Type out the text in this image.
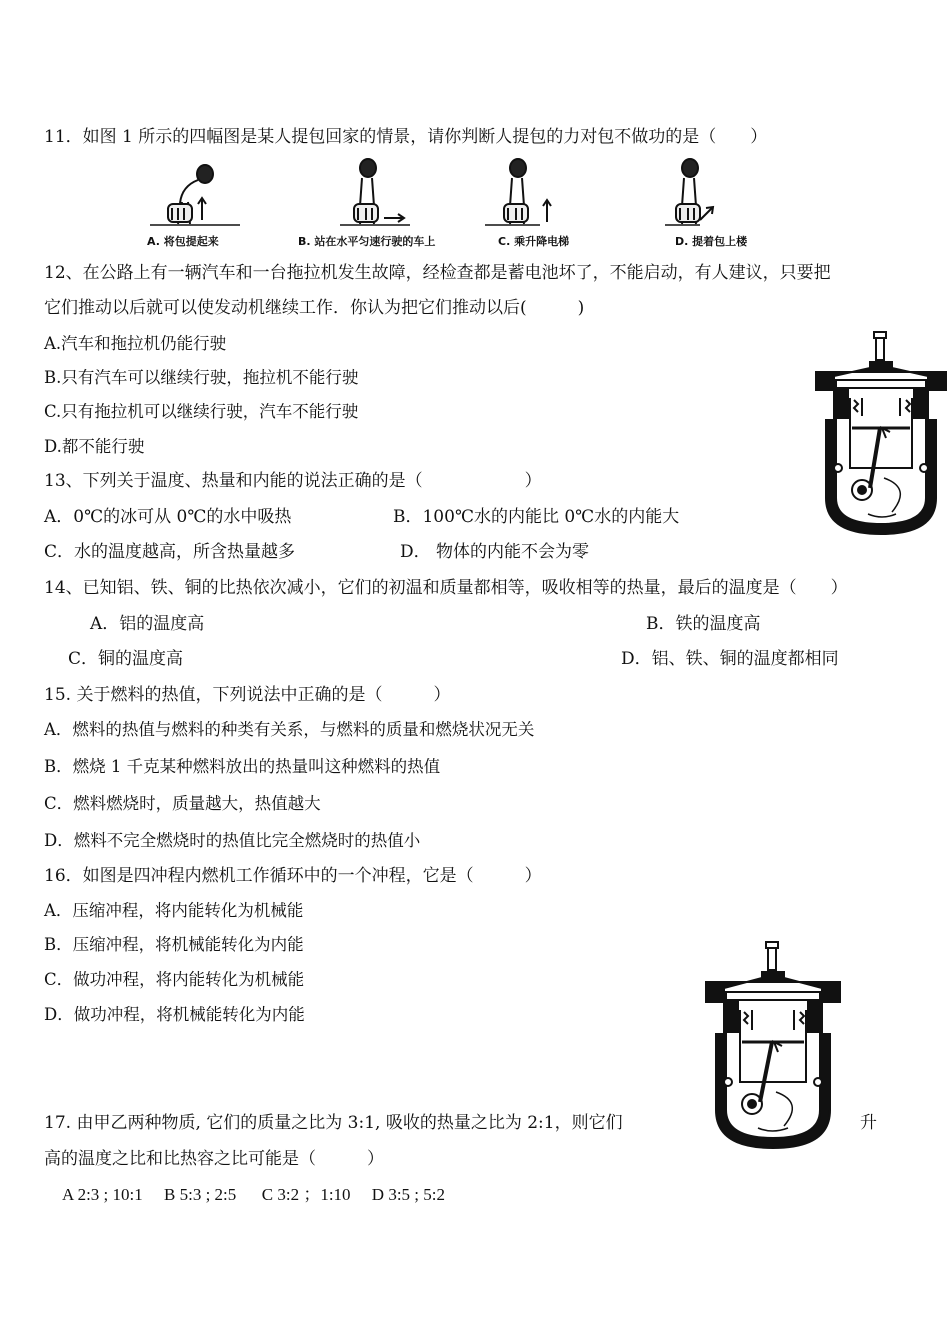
11．如图 1 所示的四幅图是某人提包回家的情景，请你判断人提包的力对包不做功的是（　　）
A. 将包提起来	B. 站在水平匀速行驶的车上	C. 乘升降电梯	D. 提着包上楼
12、在公路上有一辆汽车和一台拖拉机发生故障，经检查都是蓄电池坏了，不能启动，有人建议，只要把
它们推动以后就可以使发动机继续工作．你认为把它们推动以后(　　　)
A.汽车和拖拉机仍能行驶
B.只有汽车可以继续行驶，拖拉机不能行驶
C.只有拖拉机可以继续行驶，汽车不能行驶
D.都不能行驶
13、下列关于温度、热量和内能的说法正确的是（　　　　　　）
A．0℃的冰可从 0℃的水中吸热	B．100℃水的内能比 0℃水的内能大
C．水的温度越高，所含热量越多	D． 物体的内能不会为零
14、已知铝、铁、铜的比热依次减小，它们的初温和质量都相等，吸收相等的热量，最后的温度是（　　）
A．铝的温度高	B．铁的温度高
C．铜的温度高	D．铝、铁、铜的温度都相同
15. 关于燃料的热值，下列说法中正确的是（　　　）
A．燃料的热值与燃料的种类有关系，与燃料的质量和燃烧状况无关
B．燃烧 1 千克某种燃料放出的热量叫这种燃料的热值
C．燃料燃烧时，质量越大，热值越大
D．燃料不完全燃烧时的热值比完全燃烧时的热值小
16．如图是四冲程内燃机工作循环中的一个冲程，它是（　　　）
A．压缩冲程，将内能转化为机械能
B．压缩冲程，将机械能转化为内能
C．做功冲程，将内能转化为机械能
D．做功冲程，将机械能转化为内能
17. 由甲乙两种物质, 它们的质量之比为 3:1, 吸收的热量之比为 2:1，则它们	升
高的温度之比和比热容之比可能是（　　　）
A 2:3 ; 10:1　 B 5:3 ; 2:5 　 C 3:2 ；1:10 　D 3:5 ; 5:2
